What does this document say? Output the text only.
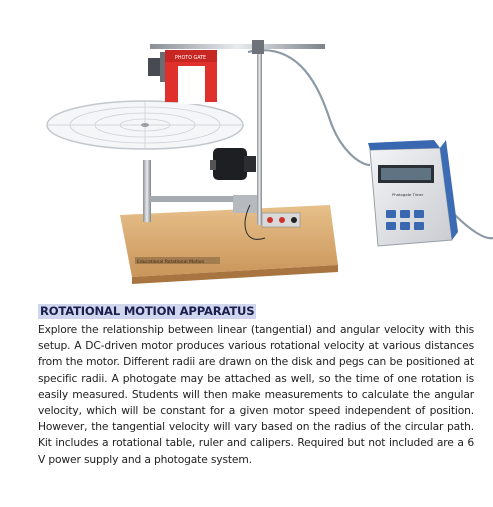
Educational Rotational Motion
PHOTO GATE
Photogate Timer
ROTATIONAL MOTION APPARATUS

Explore the relationship between linear (tangential) and angular velocity with this setup. A DC-driven motor produces various rotational velocity at various distances from the motor. Different radii are drawn on the disk and pegs can be positioned at specific radii. A photogate may be attached as well, so the time of one rotation is easily measured. Students will then make measurements to calculate the angular velocity, which will be constant for a given motor speed independent of position. However, the tangential velocity will vary based on the radius of the circular path. Kit includes a rotational table, ruler and calipers. Required but not included are a 6 V power supply and a photogate system.
